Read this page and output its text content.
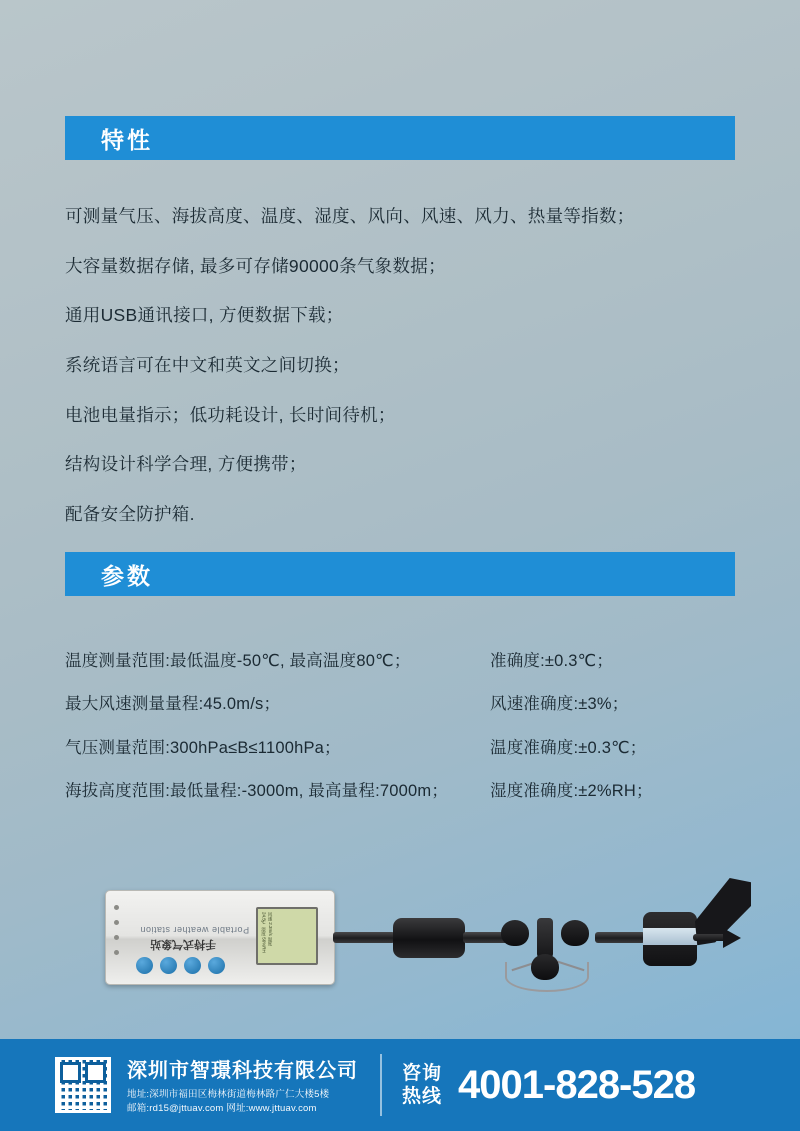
特性
可测量气压、海拔高度、温度、湿度、风向、风速、风力、热量等指数；
大容量数据存储, 最多可存储90000条气象数据；
通用USB通讯接口, 方便数据下载；
系统语言可在中文和英文之间切换；
电池电量指示；低功耗设计, 长时间待机；
结构设计科学合理, 方便携带；
配备安全防护箱.
参数
温度测量范围:最低温度-50℃, 最高温度80℃；
最大风速测量量程:45.0m/s；
气压测量范围:300hPa≤B≤1100hPa；
海拔高度范围:最低量程:-3000m, 最高量程:7000m；
准确度:±0.3℃；
风速准确度:±3%；
温度准确度:±0.3℃；
湿度准确度:±2%RH；
Portable weather station
手持式气象站	风速 2.3m/s 温度 24.5℃ 湿度 56%RH
深圳市智璟科技有限公司
地址:深圳市福田区梅林街道梅林路广仁大楼5楼
邮箱:rd15@jttuav.com 网址:www.jttuav.com
咨询
热线 4001-828-528
